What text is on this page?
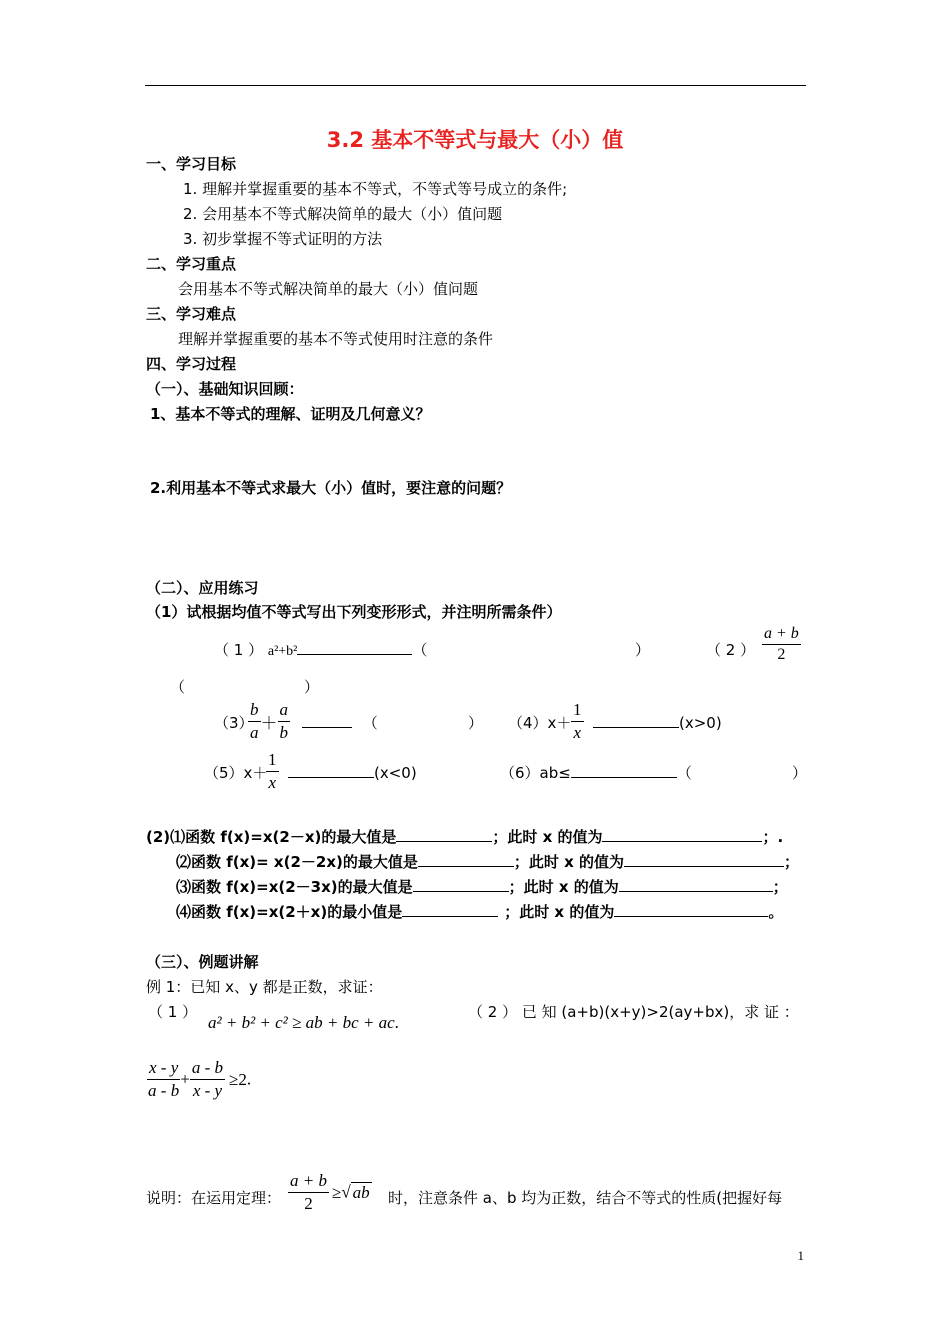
3.2 基本不等式与最大（小）值
一、学习目标
1. 理解并掌握重要的基本不等式，不等式等号成立的条件;
2. 会用基本不等式解决简单的最大（小）值问题
3. 初步掌握不等式证明的方法
二、学习重点
会用基本不等式解决简单的最大（小）值问题
三、学习难点
理解并掌握重要的基本不等式使用时注意的条件
四、学习过程
（一）、基础知识回顾：
1、基本不等式的理解、证明及几何意义？
2.利用基本不等式求最大（小）值时，要注意的问题？
（二）、应用练习
（1）试根据均值不等式写出下列变形形式，并注明所需条件）
（ 1 ） a²+b²	（	）	（ 2 ） $\frac{a + b}{2}$
（	）
（3）
$\frac{b}{a} + \frac{a}{b}$	（	） $(4)x+ \frac{1}{x}$	(x>0)
（5）x＋
$\frac{1}{x}$	(x<0)	（6）ab≤	（	）
(2)⑴函数 f(x)=x(2－x)的最大值是	；此时 x 的值为	；.
⑵函数 f(x)= x(2－2x)的最大值是	；此时 x 的值为	；
⑶函数 f(x)=x(2－3x)的最大值是	；此时 x 的值为	；
⑷函数 f(x)=x(2＋x)的最小值是	；此时 x 的值为	。
（三）、例题讲解
例 1：已知 x、y 都是正数，求证：
（ 1 ）
a² + b² + c² ≥ ab + bc + ac.
（ 2 ） 已 知 (a+b)(x+y)>2(ay+bx)，求 证 ：
$\frac{x - y}{a - b} + \frac{a - b}{x - y} \ge 2$.
说明：在运用定理： $\frac{a + b}{2}$ ≥√ ab 时，注意条件 a、b 均为正数，结合不等式的性质(把握好每
1
